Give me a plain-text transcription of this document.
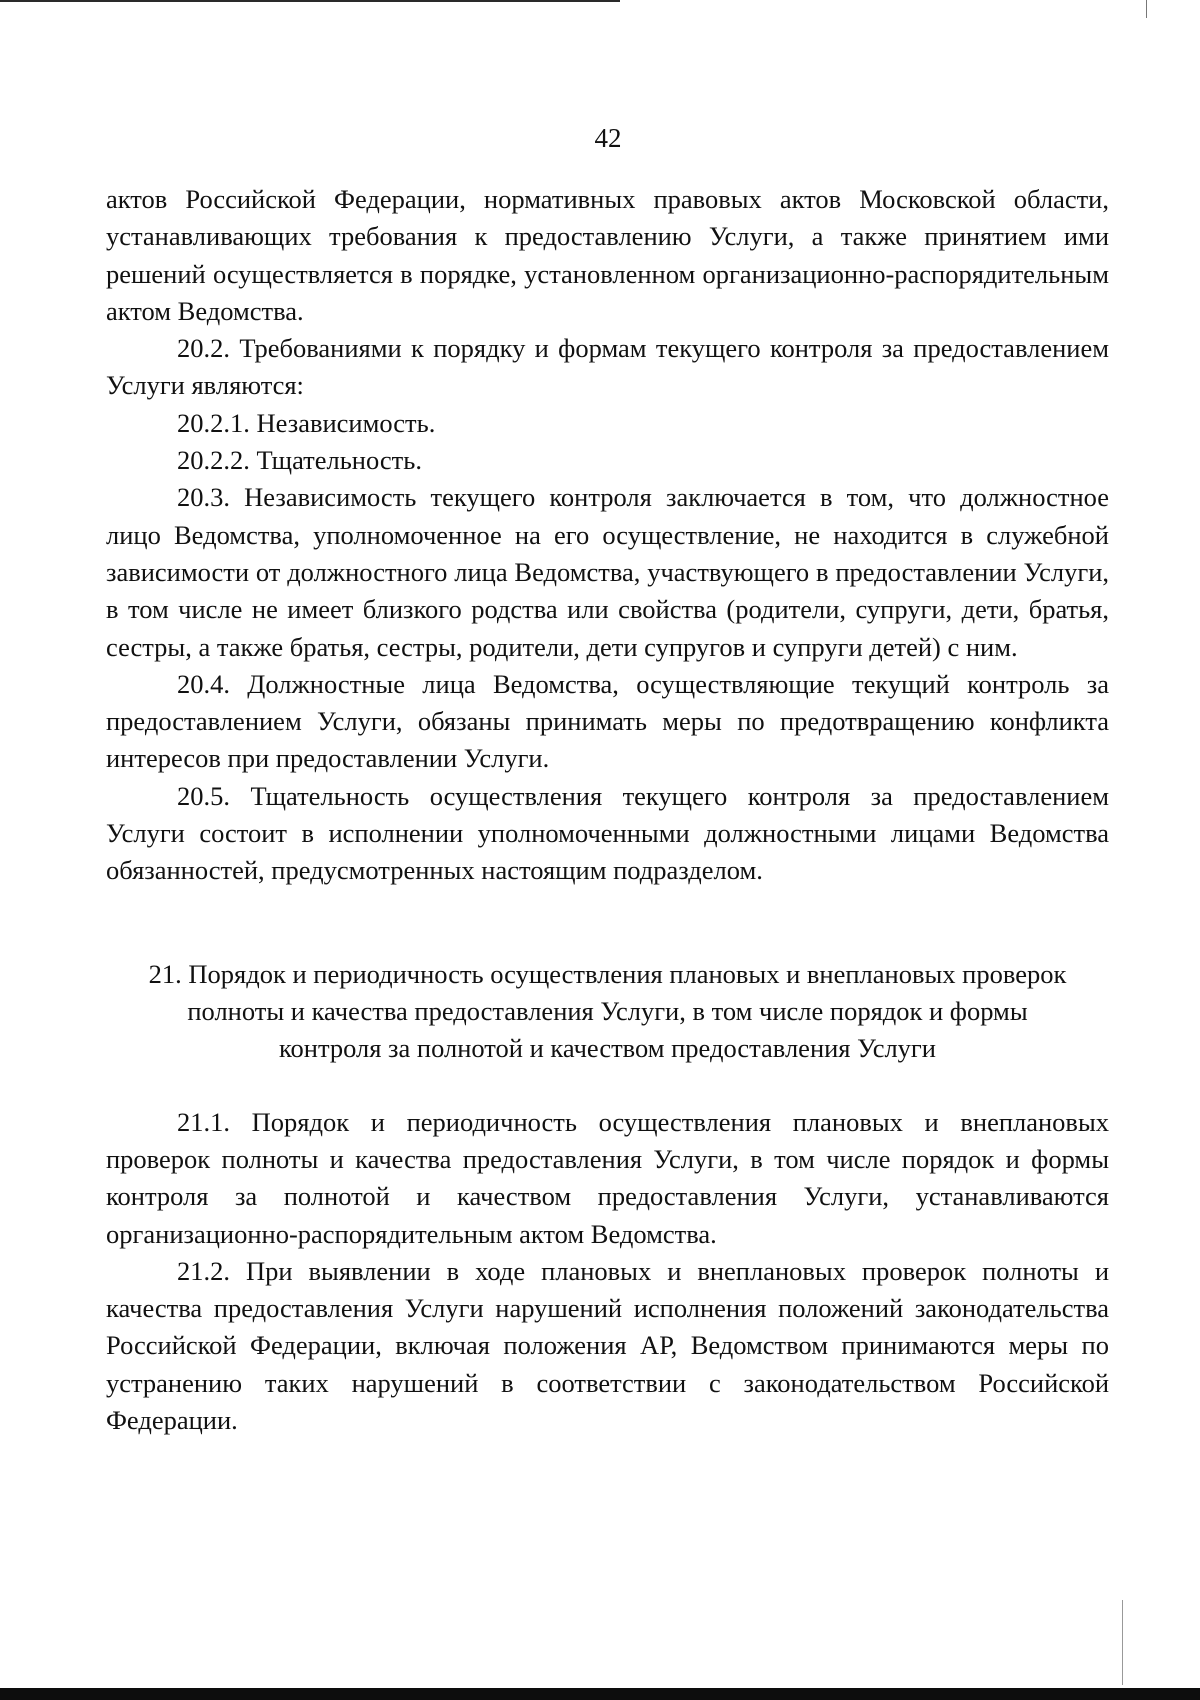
42

актов Российской Федерации, нормативных правовых актов Московской области, устанавливающих требования к предоставлению Услуги, а также принятием ими решений осуществляется в порядке, установленном организационно-распорядительным актом Ведомства.

20.2. Требованиями к порядку и формам текущего контроля за предоставлением Услуги являются:

20.2.1. Независимость.

20.2.2. Тщательность.

20.3. Независимость текущего контроля заключается в том, что должностное лицо Ведомства, уполномоченное на его осуществление, не находится в служебной зависимости от должностного лица Ведомства, участвующего в предоставлении Услуги, в том числе не имеет близкого родства или свойства (родители, супруги, дети, братья, сестры, а также братья, сестры, родители, дети супругов и супруги детей) с ним.

20.4. Должностные лица Ведомства, осуществляющие текущий контроль за предоставлением Услуги, обязаны принимать меры по предотвращению конфликта интересов при предоставлении Услуги.

20.5. Тщательность осуществления текущего контроля за предоставлением Услуги состоит в исполнении уполномоченными должностными лицами Ведомства обязанностей, предусмотренных настоящим подразделом.

21. Порядок и периодичность осуществления плановых и внеплановых проверок
полноты и качества предоставления Услуги, в том числе порядок и формы
контроля за полнотой и качеством предоставления Услуги

21.1. Порядок и периодичность осуществления плановых и внеплановых проверок полноты и качества предоставления Услуги, в том числе порядок и формы контроля за полнотой и качеством предоставления Услуги, устанавливаются организационно-распорядительным актом Ведомства.

21.2. При выявлении в ходе плановых и внеплановых проверок полноты и качества предоставления Услуги нарушений исполнения положений законодательства Российской Федерации, включая положения АР, Ведомством принимаются меры по устранению таких нарушений в соответствии с законодательством Российской Федерации.
